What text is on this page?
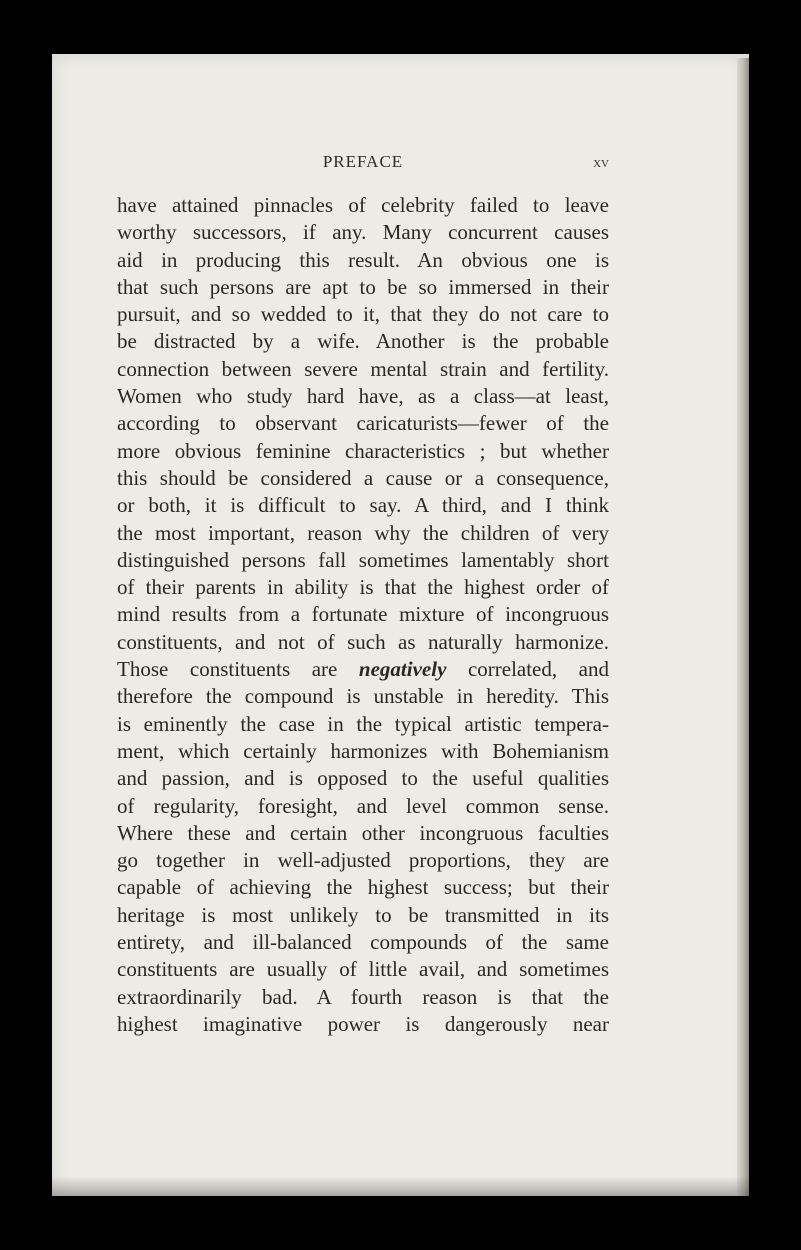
PREFACE	xv
have attained pinnacles of celebrity failed to leave
worthy successors, if any. Many concurrent causes
aid in producing this result. An obvious one is
that such persons are apt to be so immersed in their
pursuit, and so wedded to it, that they do not care to
be distracted by a wife. Another is the probable
connection between severe mental strain and fertility.
Women who study hard have, as a class—at least,
according to observant caricaturists—fewer of the
more obvious feminine characteristics ; but whether
this should be considered a cause or a consequence,
or both, it is difficult to say. A third, and I think
the most important, reason why the children of very
distinguished persons fall sometimes lamentably short
of their parents in ability is that the highest order of
mind results from a fortunate mixture of incongruous
constituents, and not of such as naturally harmonize.
Those constituents are negatively correlated, and
therefore the compound is unstable in heredity. This
is eminently the case in the typical artistic tempera-
ment, which certainly harmonizes with Bohemianism
and passion, and is opposed to the useful qualities
of regularity, foresight, and level common sense.
Where these and certain other incongruous faculties
go together in well-adjusted proportions, they are
capable of achieving the highest success; but their
heritage is most unlikely to be transmitted in its
entirety, and ill-balanced compounds of the same
constituents are usually of little avail, and sometimes
extraordinarily bad. A fourth reason is that the
highest imaginative power is dangerously near
